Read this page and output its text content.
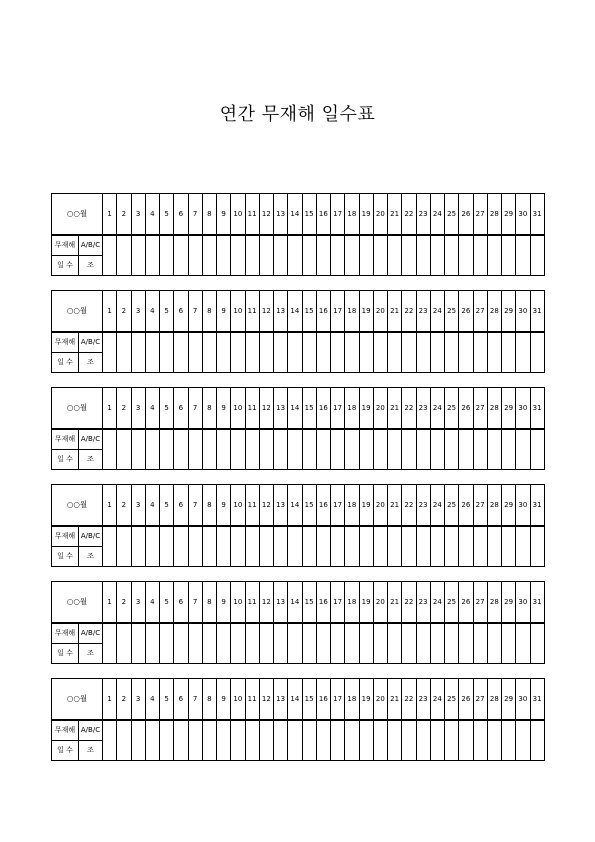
연간 무재해 일수표
○○월		1	2	3	4	5	6	7	8	9	10	11	12	13	14	15	16	17	18	19	20	21	22	23	24	25	26	27	28	29	30	31
무재해	A/B/C																															
일 수	조																															
○○월		1	2	3	4	5	6	7	8	9	10	11	12	13	14	15	16	17	18	19	20	21	22	23	24	25	26	27	28	29	30	31
무재해	A/B/C																															
일 수	조																															
○○월		1	2	3	4	5	6	7	8	9	10	11	12	13	14	15	16	17	18	19	20	21	22	23	24	25	26	27	28	29	30	31
무재해	A/B/C																															
일 수	조																															
○○월		1	2	3	4	5	6	7	8	9	10	11	12	13	14	15	16	17	18	19	20	21	22	23	24	25	26	27	28	29	30	31
무재해	A/B/C																															
일 수	조																															
○○월		1	2	3	4	5	6	7	8	9	10	11	12	13	14	15	16	17	18	19	20	21	22	23	24	25	26	27	28	29	30	31
무재해	A/B/C																															
일 수	조																															
○○월		1	2	3	4	5	6	7	8	9	10	11	12	13	14	15	16	17	18	19	20	21	22	23	24	25	26	27	28	29	30	31
무재해	A/B/C																															
일 수	조																															
